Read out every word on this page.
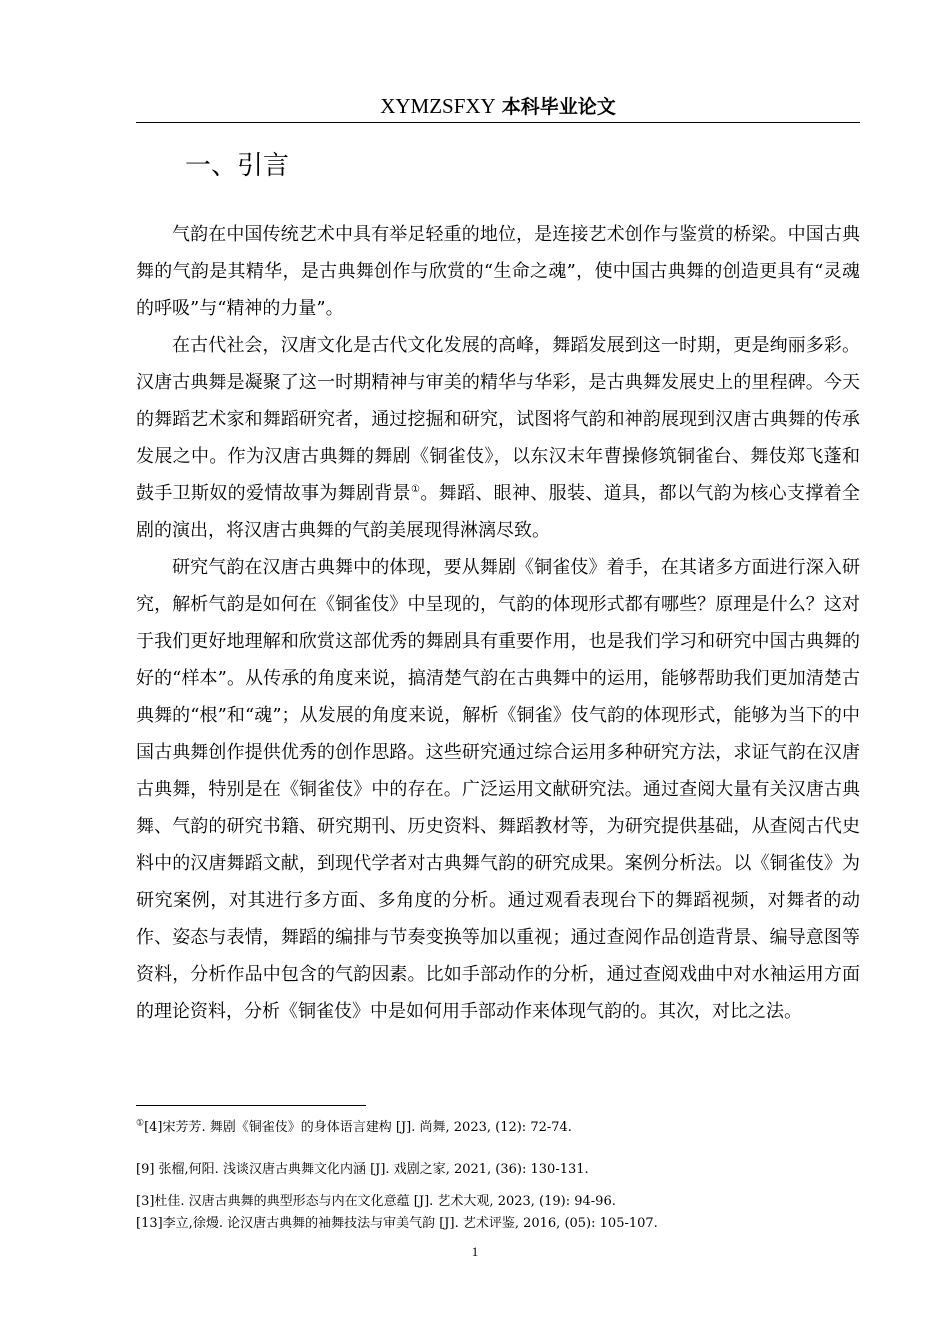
XYMZSFXY 本科毕业论文
一、引言

气韵在中国传统艺术中具有举足轻重的地位，是连接艺术创作与鉴赏的桥梁。中国古典舞的气韵是其精华，是古典舞创作与欣赏的“生命之魂”，使中国古典舞的创造更具有“灵魂的呼吸”与“精神的力量”。

在古代社会，汉唐文化是古代文化发展的高峰，舞蹈发展到这一时期，更是绚丽多彩。汉唐古典舞是凝聚了这一时期精神与审美的精华与华彩，是古典舞发展史上的里程碑。今天的舞蹈艺术家和舞蹈研究者，通过挖掘和研究，试图将气韵和神韵展现到汉唐古典舞的传承发展之中。作为汉唐古典舞的舞剧《铜雀伎》，以东汉末年曹操修筑铜雀台、舞伎郑飞蓬和鼓手卫斯奴的爱情故事为舞剧背景①。舞蹈、眼神、服装、道具，都以气韵为核心支撑着全剧的演出，将汉唐古典舞的气韵美展现得淋漓尽致。

研究气韵在汉唐古典舞中的体现，要从舞剧《铜雀伎》着手，在其诸多方面进行深入研究，解析气韵是如何在《铜雀伎》中呈现的，气韵的体现形式都有哪些？原理是什么？这对于我们更好地理解和欣赏这部优秀的舞剧具有重要作用，也是我们学习和研究中国古典舞的好的“样本”。从传承的角度来说，搞清楚气韵在古典舞中的运用，能够帮助我们更加清楚古典舞的“根”和“魂”；从发展的角度来说，解析《铜雀》伎气韵的体现形式，能够为当下的中国古典舞创作提供优秀的创作思路。这些研究通过综合运用多种研究方法，求证气韵在汉唐古典舞，特别是在《铜雀伎》中的存在。广泛运用文献研究法。通过查阅大量有关汉唐古典舞、气韵的研究书籍、研究期刊、历史资料、舞蹈教材等，为研究提供基础，从查阅古代史料中的汉唐舞蹈文献，到现代学者对古典舞气韵的研究成果。案例分析法。以《铜雀伎》为研究案例，对其进行多方面、多角度的分析。通过观看表现台下的舞蹈视频，对舞者的动作、姿态与表情，舞蹈的编排与节奏变换等加以重视；通过查阅作品创造背景、编导意图等资料，分析作品中包含的气韵因素。比如手部动作的分析，通过查阅戏曲中对水袖运用方面的理论资料，分析《铜雀伎》中是如何用手部动作来体现气韵的。其次，对比之法。

①[4]宋芳芳. 舞剧《铜雀伎》的身体语言建构 [J]. 尚舞, 2023, (12): 72-74.
[9] 张榴,何阳. 浅谈汉唐古典舞文化内涵 [J]. 戏剧之家, 2021, (36): 130-131.
[3]杜佳. 汉唐古典舞的典型形态与内在文化意蕴 [J]. 艺术大观, 2023, (19): 94-96.
[13]李立,徐熳. 论汉唐古典舞的袖舞技法与审美气韵 [J]. 艺术评鉴, 2016, (05): 105-107.
1
